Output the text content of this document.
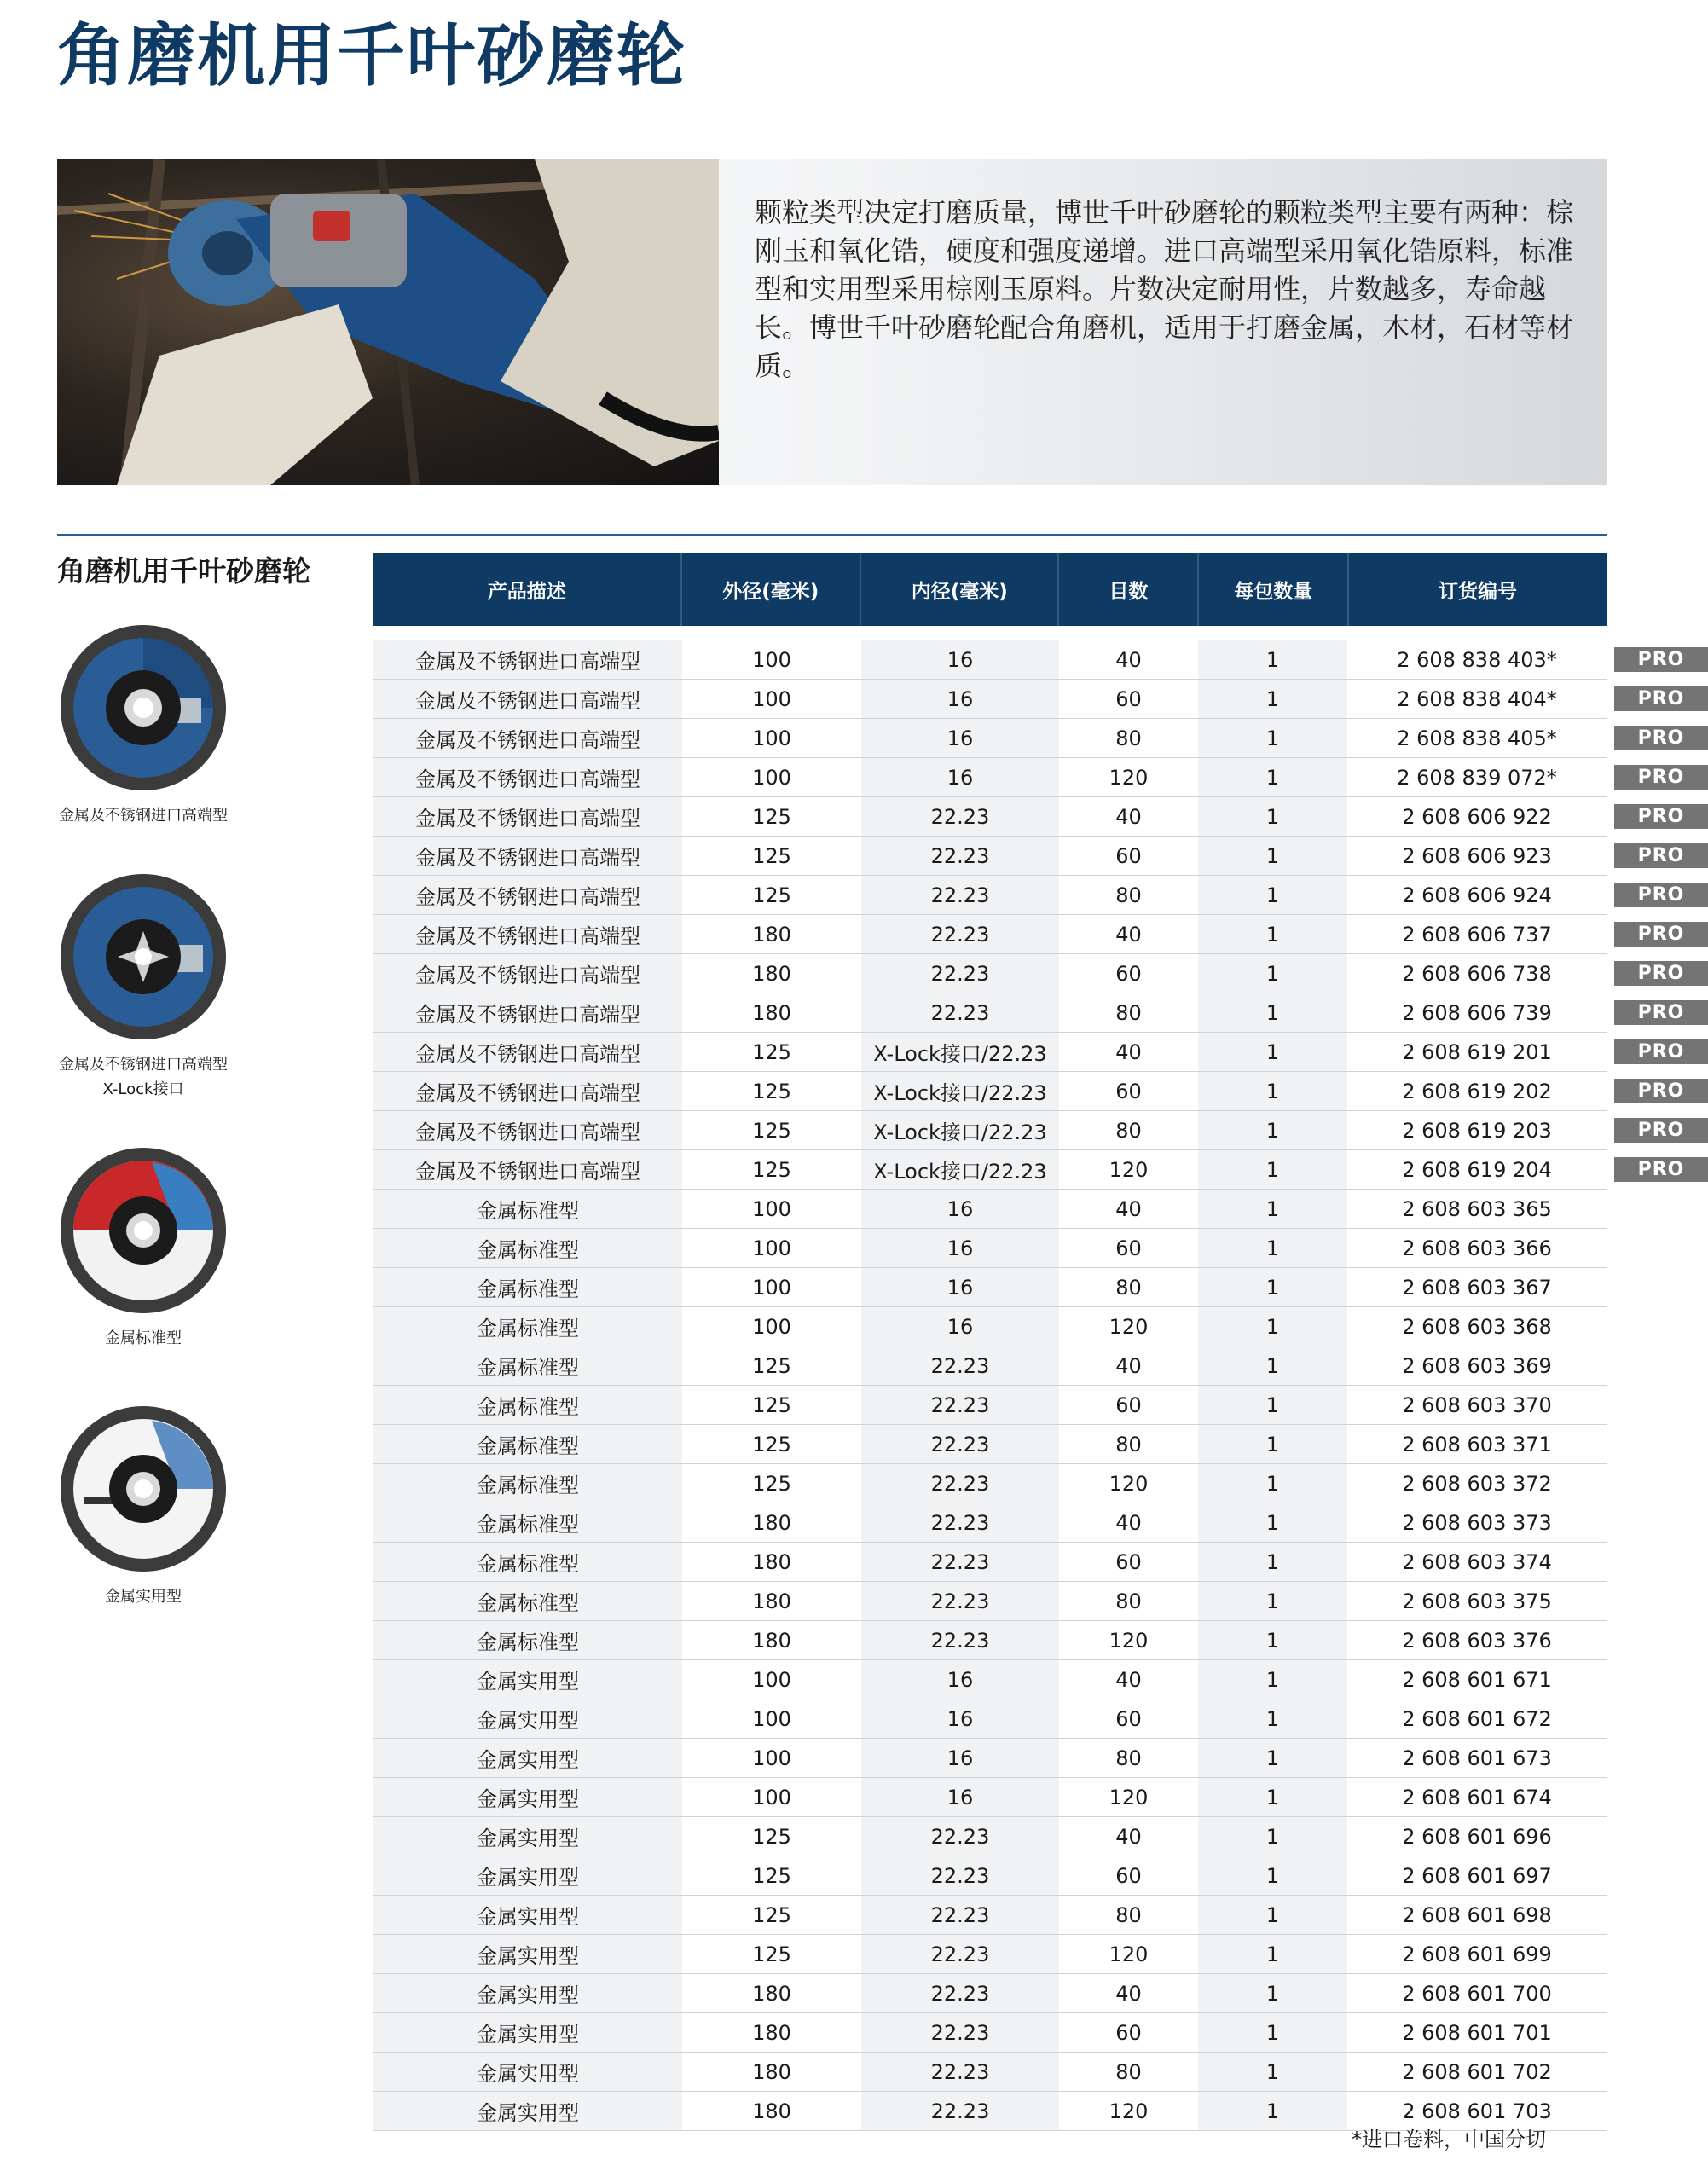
角磨机用千叶砂磨轮

颗粒类型决定打磨质量，博世千叶砂磨轮的颗粒类型主要有两种：棕刚玉和氧化锆，硬度和强度递增。进口高端型采用氧化锆原料，标准型和实用型采用棕刚玉原料。片数决定耐用性，片数越多，寿命越长。博世千叶砂磨轮配合角磨机，适用于打磨金属，木材，石材等材质。

角磨机用千叶砂磨轮
金属及不锈钢进口高端型
金属及不锈钢进口高端型
X-Lock接口
金属标准型
金属实用型
产品描述	外径(毫米)	内径(毫米)	目数	每包数量	订货编号
金属及不锈钢进口高端型	100	16	40	1	2 608 838 403*	PRO
金属及不锈钢进口高端型	100	16	60	1	2 608 838 404*	PRO
金属及不锈钢进口高端型	100	16	80	1	2 608 838 405*	PRO
金属及不锈钢进口高端型	100	16	120	1	2 608 839 072*	PRO
金属及不锈钢进口高端型	125	22.23	40	1	2 608 606 922	PRO
金属及不锈钢进口高端型	125	22.23	60	1	2 608 606 923	PRO
金属及不锈钢进口高端型	125	22.23	80	1	2 608 606 924	PRO
金属及不锈钢进口高端型	180	22.23	40	1	2 608 606 737	PRO
金属及不锈钢进口高端型	180	22.23	60	1	2 608 606 738	PRO
金属及不锈钢进口高端型	180	22.23	80	1	2 608 606 739	PRO
金属及不锈钢进口高端型	125	X-Lock接口/22.23	40	1	2 608 619 201	PRO
金属及不锈钢进口高端型	125	X-Lock接口/22.23	60	1	2 608 619 202	PRO
金属及不锈钢进口高端型	125	X-Lock接口/22.23	80	1	2 608 619 203	PRO
金属及不锈钢进口高端型	125	X-Lock接口/22.23	120	1	2 608 619 204	PRO
金属标准型	100	16	40	1	2 608 603 365
金属标准型	100	16	60	1	2 608 603 366
金属标准型	100	16	80	1	2 608 603 367
金属标准型	100	16	120	1	2 608 603 368
金属标准型	125	22.23	40	1	2 608 603 369
金属标准型	125	22.23	60	1	2 608 603 370
金属标准型	125	22.23	80	1	2 608 603 371
金属标准型	125	22.23	120	1	2 608 603 372
金属标准型	180	22.23	40	1	2 608 603 373
金属标准型	180	22.23	60	1	2 608 603 374
金属标准型	180	22.23	80	1	2 608 603 375
金属标准型	180	22.23	120	1	2 608 603 376
金属实用型	100	16	40	1	2 608 601 671
金属实用型	100	16	60	1	2 608 601 672
金属实用型	100	16	80	1	2 608 601 673
金属实用型	100	16	120	1	2 608 601 674
金属实用型	125	22.23	40	1	2 608 601 696
金属实用型	125	22.23	60	1	2 608 601 697
金属实用型	125	22.23	80	1	2 608 601 698
金属实用型	125	22.23	120	1	2 608 601 699
金属实用型	180	22.23	40	1	2 608 601 700
金属实用型	180	22.23	60	1	2 608 601 701
金属实用型	180	22.23	80	1	2 608 601 702
金属实用型	180	22.23	120	1	2 608 601 703
*进口卷料，中国分切
